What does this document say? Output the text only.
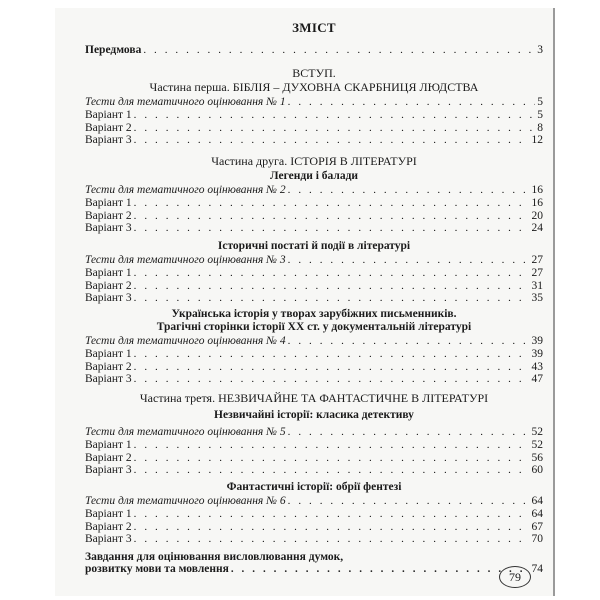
ЗМІСТ
Передмова . . .	3
ВСТУП.
Частина перша. БІБЛІЯ – ДУХОВНА СКАРБНИЦЯ ЛЮДСТВА
Тести для тематичного оцінювання № 1 . . .	5
Варіант 1 . . .	5
Варіант 2 . . .	8
Варіант 3 . . .	12
Частина друга. ІСТОРІЯ В ЛІТЕРАТУРІ
Легенди і балади
Тести для тематичного оцінювання № 2 . . .	16
Варіант 1 . . .	16
Варіант 2 . . .	20
Варіант 3 . . .	24
Історичні постаті й події в літературі
Тести для тематичного оцінювання № 3 . . .	27
Варіант 1 . . .	27
Варіант 2 . . .	31
Варіант 3 . . .	35
Українська історія у творах зарубіжних письменників.
Трагічні сторінки історії XX ст. у документальній літературі
Тести для тематичного оцінювання № 4 . . .	39
Варіант 1 . . .	39
Варіант 2 . . .	43
Варіант 3 . . .	47
Частина третя. НЕЗВИЧАЙНЕ ТА ФАНТАСТИЧНЕ В ЛІТЕРАТУРІ
Незвичайні історії: класика детективу
Тести для тематичного оцінювання № 5 . . .	52
Варіант 1 . . .	52
Варіант 2 . . .	56
Варіант 3 . . .	60
Фантастичні історії: обрії фентезі
Тести для тематичного оцінювання № 6 . . .	64
Варіант 1 . . .	64
Варіант 2 . . .	67
Варіант 3 . . .	70
Завдання для оцінювання висловлювання думок,
розвитку мови та мовлення . . .	74
79
